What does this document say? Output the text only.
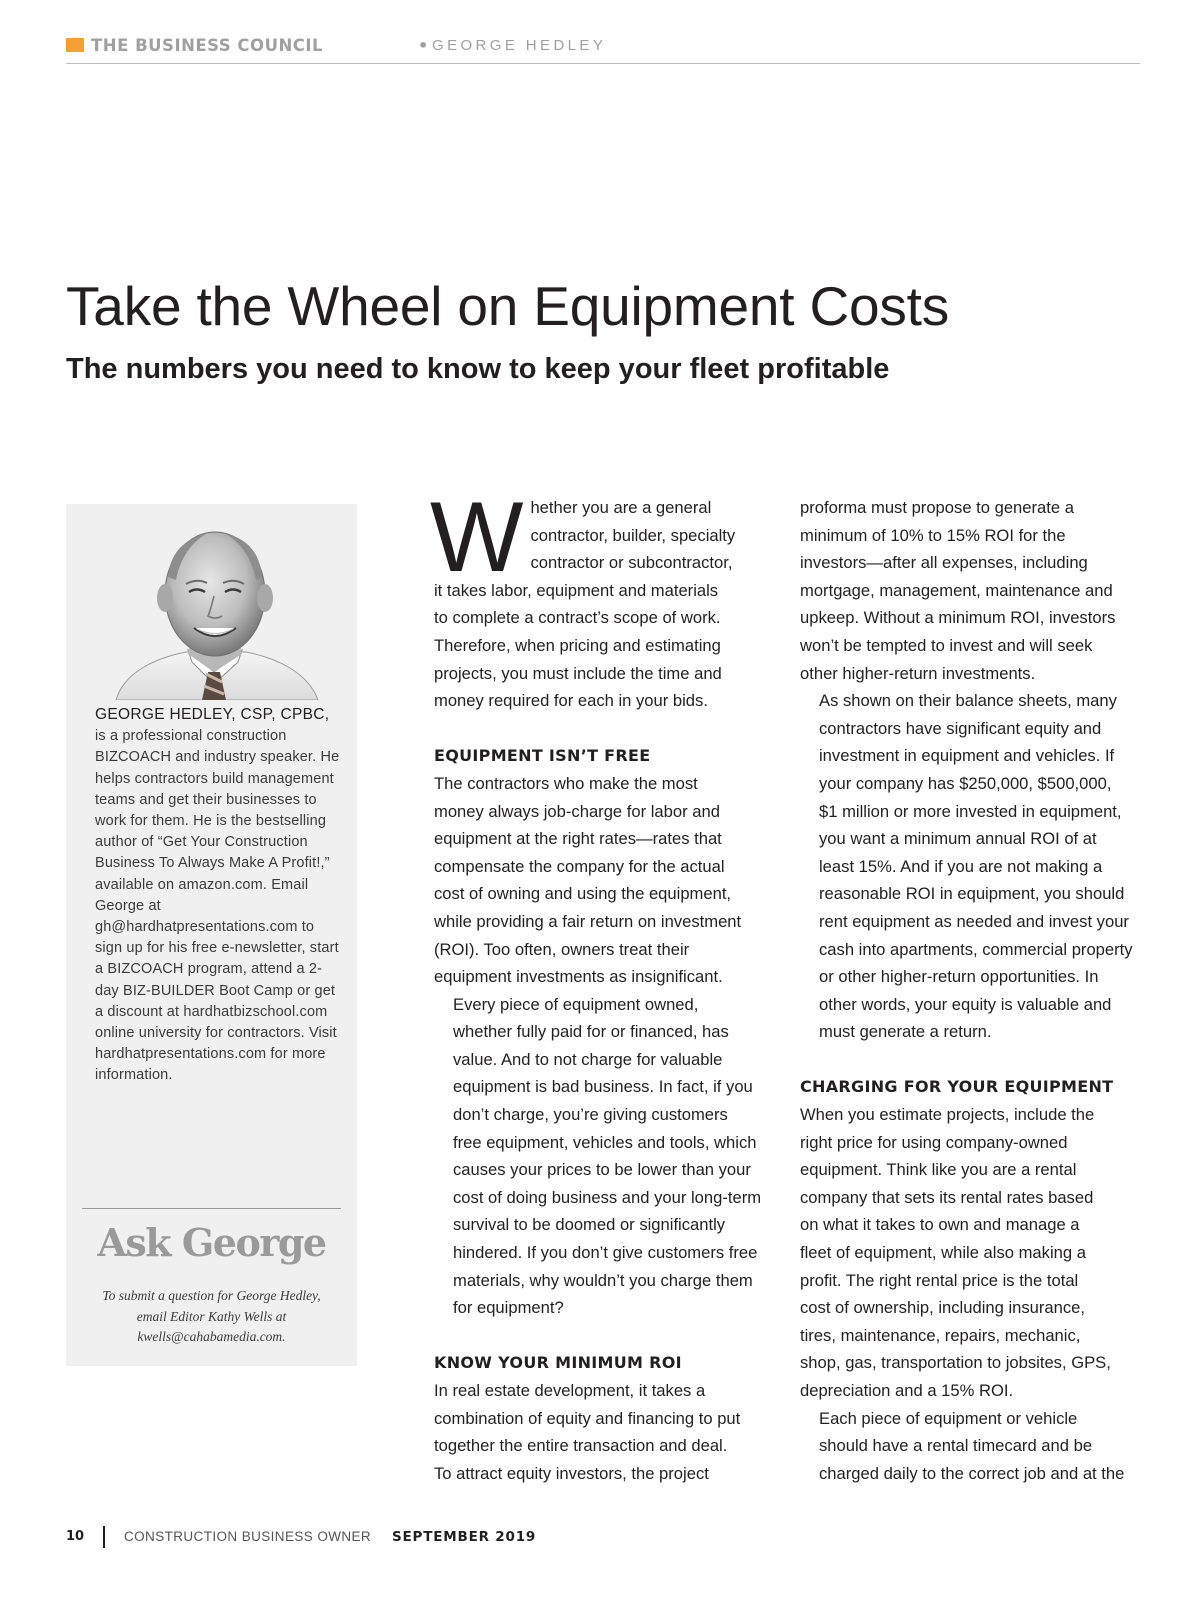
THE BUSINESS COUNCIL	• GEORGE HEDLEY
Take the Wheel on Equipment Costs
The numbers you need to know to keep your fleet profitable
GEORGE HEDLEY, CSP, CPBC, is a professional construction BIZCOACH and industry speaker. He helps contractors build management teams and get their businesses to work for them. He is the bestselling author of “Get Your Construction Business To Always Make A Profit!,” available on amazon.com. Email George at gh@hardhatpresentations.com to sign up for his free e-newsletter, start a BIZCOACH program, attend a 2-day BIZ-BUILDER Boot Camp or get a discount at hardhatbizschool.com online university for contractors. Visit hardhatpresentations.com for more information.
Ask George
To submit a question for George Hedley, email Editor Kathy Wells at kwells@cahabamedia.com.
W hether you are a general
contractor, builder, specialty
contractor or subcontractor,
it takes labor, equipment and materials
to complete a contract’s scope of work.
Therefore, when pricing and estimating
projects, you must include the time and
money required for each in your bids.
EQUIPMENT ISN’T FREE

The contractors who make the most
money always job-charge for labor and
equipment at the right rates—rates that
compensate the company for the actual
cost of owning and using the equipment,
while providing a fair return on investment
(ROI). Too often, owners treat their
equipment investments as insignificant.

Every piece of equipment owned,
whether fully paid for or financed, has
value. And to not charge for valuable
equipment is bad business. In fact, if you
don’t charge, you’re giving customers
free equipment, vehicles and tools, which
causes your prices to be lower than your
cost of doing business and your long-term
survival to be doomed or significantly
hindered. If you don’t give customers free
materials, why wouldn’t you charge them
for equipment?

KNOW YOUR MINIMUM ROI

In real estate development, it takes a
combination of equity and financing to put
together the entire transaction and deal.
To attract equity investors, the project

proforma must propose to generate a
minimum of 10% to 15% ROI for the
investors—after all expenses, including
mortgage, management, maintenance and
upkeep. Without a minimum ROI, investors
won’t be tempted to invest and will seek
other higher-return investments.

As shown on their balance sheets, many
contractors have significant equity and
investment in equipment and vehicles. If
your company has $250,000, $500,000,
$1 million or more invested in equipment,
you want a minimum annual ROI of at
least 15%. And if you are not making a
reasonable ROI in equipment, you should
rent equipment as needed and invest your
cash into apartments, commercial property
or other higher-return opportunities. In
other words, your equity is valuable and
must generate a return.

CHARGING FOR YOUR EQUIPMENT

When you estimate projects, include the
right price for using company-owned
equipment. Think like you are a rental
company that sets its rental rates based
on what it takes to own and manage a
fleet of equipment, while also making a
profit. The right rental price is the total
cost of ownership, including insurance,
tires, maintenance, repairs, mechanic,
shop, gas, transportation to jobsites, GPS,
depreciation and a 15% ROI.

Each piece of equipment or vehicle
should have a rental timecard and be
charged daily to the correct job and at the

10	CONSTRUCTION BUSINESS OWNER SEPTEMBER 2019
